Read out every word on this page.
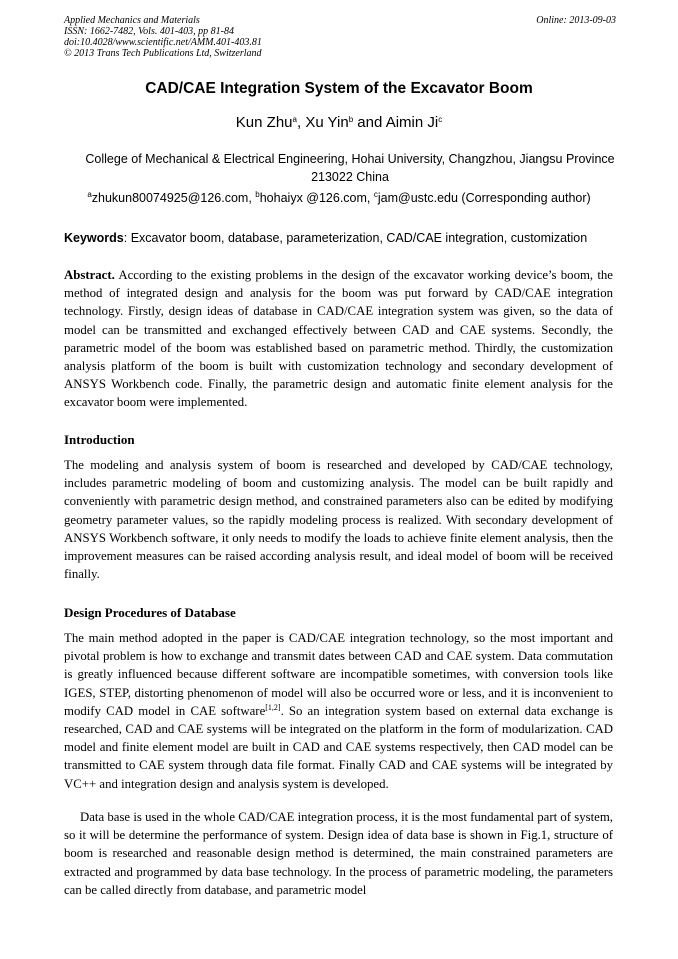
Applied Mechanics and Materials
ISSN: 1662-7482, Vols. 401-403, pp 81-84
doi:10.4028/www.scientific.net/AMM.401-403.81
© 2013 Trans Tech Publications Ltd, Switzerland
Online: 2013-09-03
CAD/CAE Integration System of the Excavator Boom
Kun Zhu$^a$, Xu Yin$^b$ and Aimin Ji$^c$
College of Mechanical & Electrical Engineering, Hohai University, Changzhou, Jiangsu Province 213022 China
$^a$zhukun80074925@126.com, $^b$hohaiyx @126.com, $^c$jam@ustc.edu (Corresponding author)
Keywords: Excavator boom, database, parameterization, CAD/CAE integration, customization
Abstract. According to the existing problems in the design of the excavator working device’s boom, the method of integrated design and analysis for the boom was put forward by CAD/CAE integration technology. Firstly, design ideas of database in CAD/CAE integration system was given, so the data of model can be transmitted and exchanged effectively between CAD and CAE systems. Secondly, the parametric model of the boom was established based on parametric method. Thirdly, the customization analysis platform of the boom is built with customization technology and secondary development of ANSYS Workbench code. Finally, the parametric design and automatic finite element analysis for the excavator boom were implemented.
Introduction
The modeling and analysis system of boom is researched and developed by CAD/CAE technology, includes parametric modeling of boom and customizing analysis. The model can be built rapidly and conveniently with parametric design method, and constrained parameters also can be edited by modifying geometry parameter values, so the rapidly modeling process is realized. With secondary development of ANSYS Workbench software, it only needs to modify the loads to achieve finite element analysis, then the improvement measures can be raised according analysis result, and ideal model of boom will be received finally.
Design Procedures of Database
The main method adopted in the paper is CAD/CAE integration technology, so the most important and pivotal problem is how to exchange and transmit dates between CAD and CAE system. Data commutation is greatly influenced because different software are incompatible sometimes, with conversion tools like IGES, STEP, distorting phenomenon of model will also be occurred wore or less, and it is inconvenient to modify CAD model in CAE software[1,2]. So an integration system based on external data exchange is researched, CAD and CAE systems will be integrated on the platform in the form of modularization. CAD model and finite element model are built in CAD and CAE systems respectively, then CAD model can be transmitted to CAE system through data file format. Finally CAD and CAE systems will be integrated by VC++ and integration design and analysis system is developed.
Data base is used in the whole CAD/CAE integration process, it is the most fundamental part of system, so it will be determine the performance of system. Design idea of data base is shown in Fig.1, structure of boom is researched and reasonable design method is determined, the main constrained parameters are extracted and programmed by data base technology. In the process of parametric modeling, the parameters can be called directly from database, and parametric model
